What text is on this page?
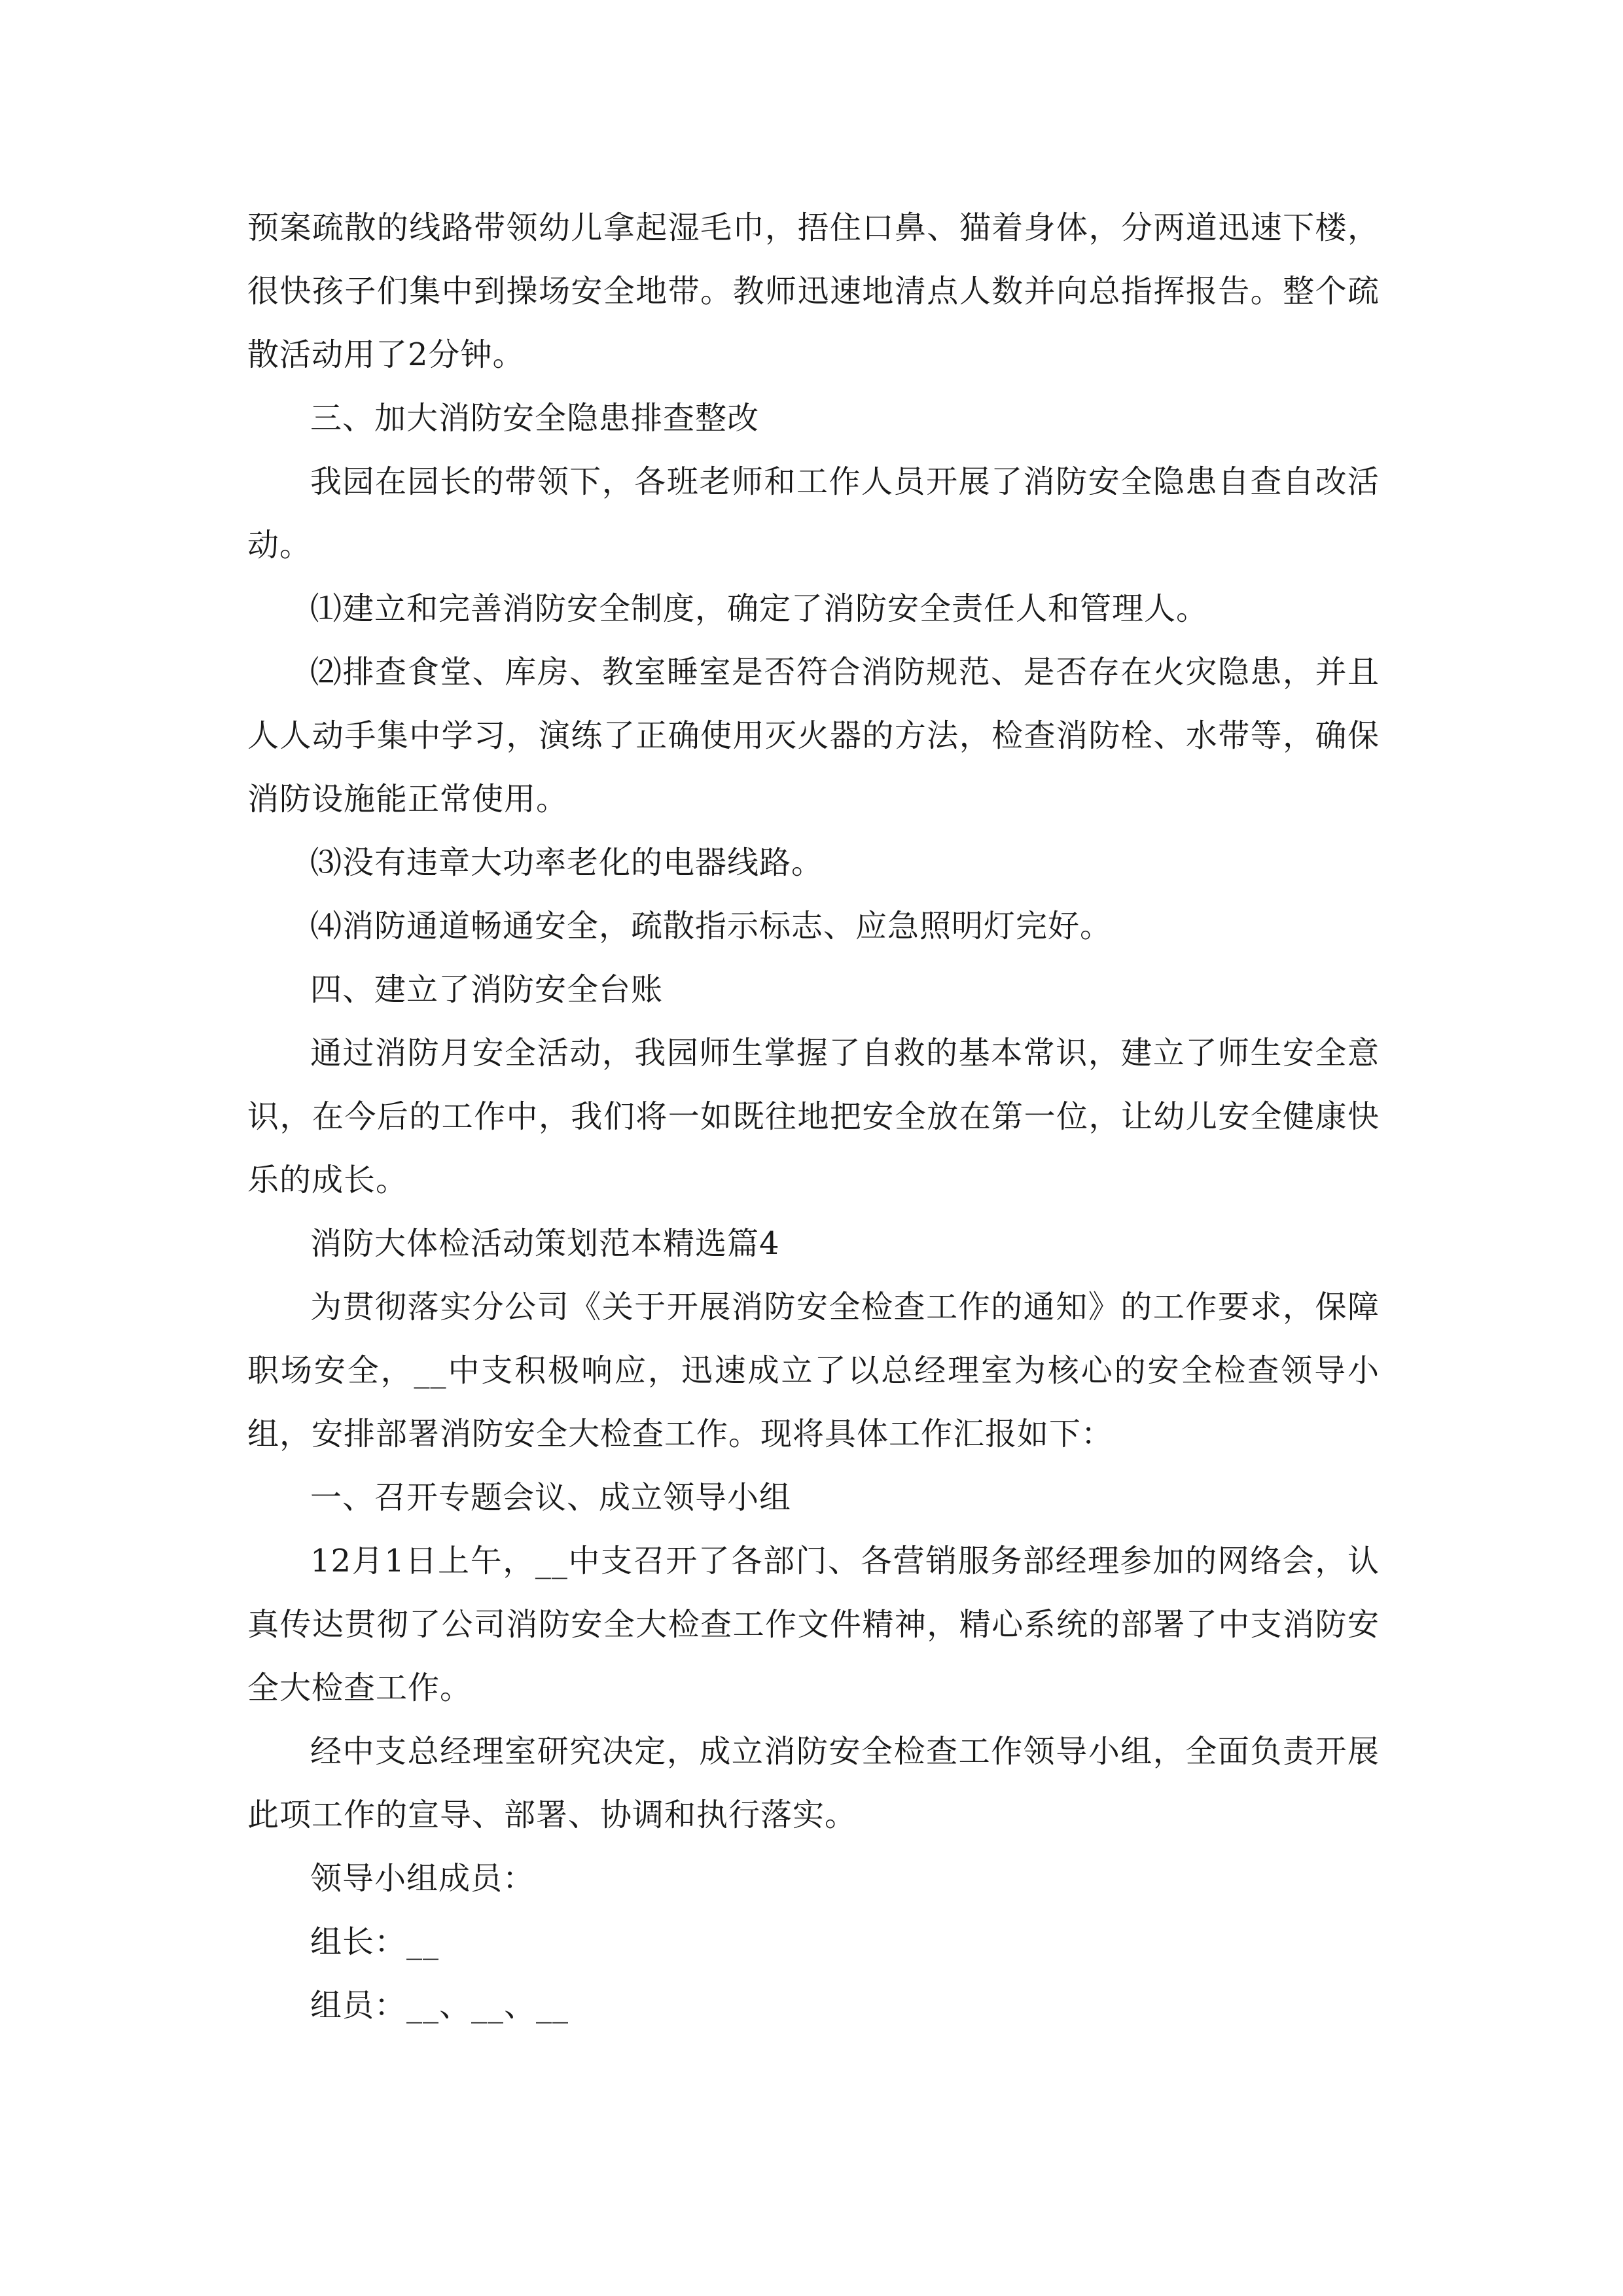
预案疏散的线路带领幼儿拿起湿毛巾，捂住口鼻、猫着身体，分两道迅速下楼，很快孩子们集中到操场安全地带。教师迅速地清点人数并向总指挥报告。整个疏散活动用了2分钟。

三、加大消防安全隐患排查整改

我园在园长的带领下，各班老师和工作人员开展了消防安全隐患自查自改活动。

⑴建立和完善消防安全制度，确定了消防安全责任人和管理人。

⑵排查食堂、库房、教室睡室是否符合消防规范、是否存在火灾隐患，并且人人动手集中学习，演练了正确使用灭火器的方法，检查消防栓、水带等，确保消防设施能正常使用。

⑶没有违章大功率老化的电器线路。

⑷消防通道畅通安全，疏散指示标志、应急照明灯完好。

四、建立了消防安全台账

通过消防月安全活动，我园师生掌握了自救的基本常识，建立了师生安全意识，在今后的工作中，我们将一如既往地把安全放在第一位，让幼儿安全健康快乐的成长。

消防大体检活动策划范本精选篇4

为贯彻落实分公司《关于开展消防安全检查工作的通知》的工作要求，保障职场安全，__中支积极响应，迅速成立了以总经理室为核心的安全检查领导小组，安排部署消防安全大检查工作。现将具体工作汇报如下：

一、召开专题会议、成立领导小组

12月1日上午，__中支召开了各部门、各营销服务部经理参加的网络会，认真传达贯彻了公司消防安全大检查工作文件精神，精心系统的部署了中支消防安全大检查工作。

经中支总经理室研究决定，成立消防安全检查工作领导小组，全面负责开展此项工作的宣导、部署、协调和执行落实。

领导小组成员：

组长：__

组员：__、__、__
